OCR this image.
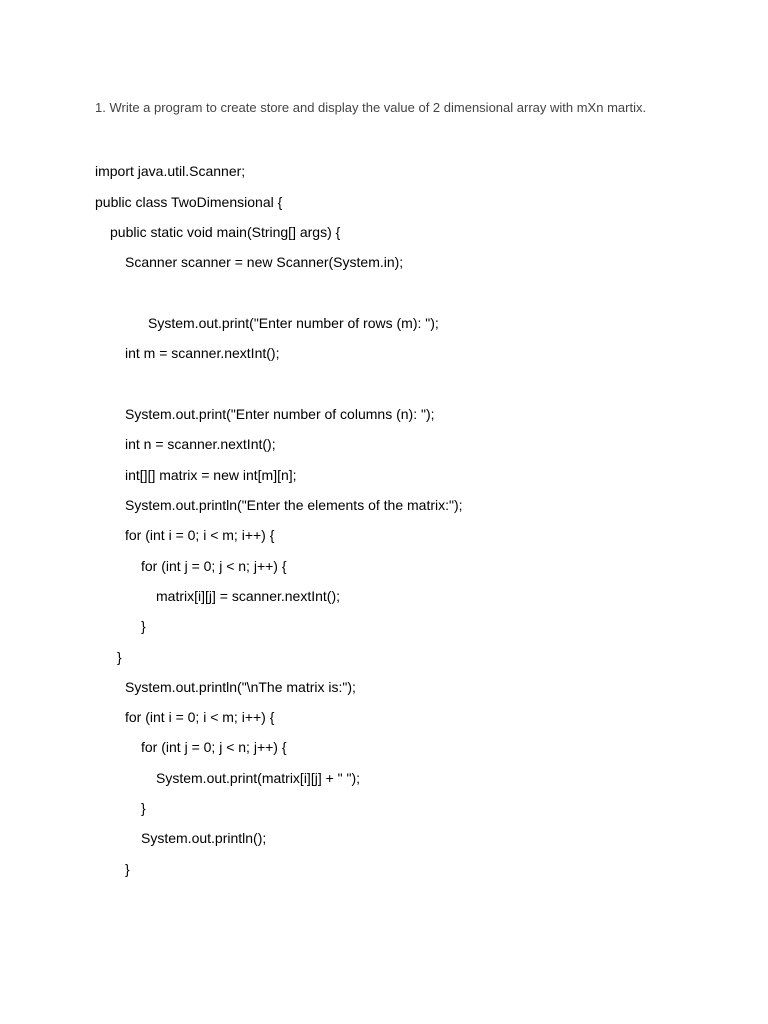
1. Write a program to create store and display the value of 2 dimensional array with mXn martix.
import java.util.Scanner;
public class TwoDimensional {
public static void main(String[] args) {
Scanner scanner = new Scanner(System.in);
System.out.print("Enter number of rows (m): ");
int m = scanner.nextInt();
System.out.print("Enter number of columns (n): ");
int n = scanner.nextInt();
int[][] matrix = new int[m][n];
System.out.println("Enter the elements of the matrix:");
for (int i = 0; i < m; i++) {
for (int j = 0; j < n; j++) {
matrix[i][j] = scanner.nextInt();
}
}
System.out.println("\nThe matrix is:");
for (int i = 0; i < m; i++) {
for (int j = 0; j < n; j++) {
System.out.print(matrix[i][j] + " ");
}
System.out.println();
}
